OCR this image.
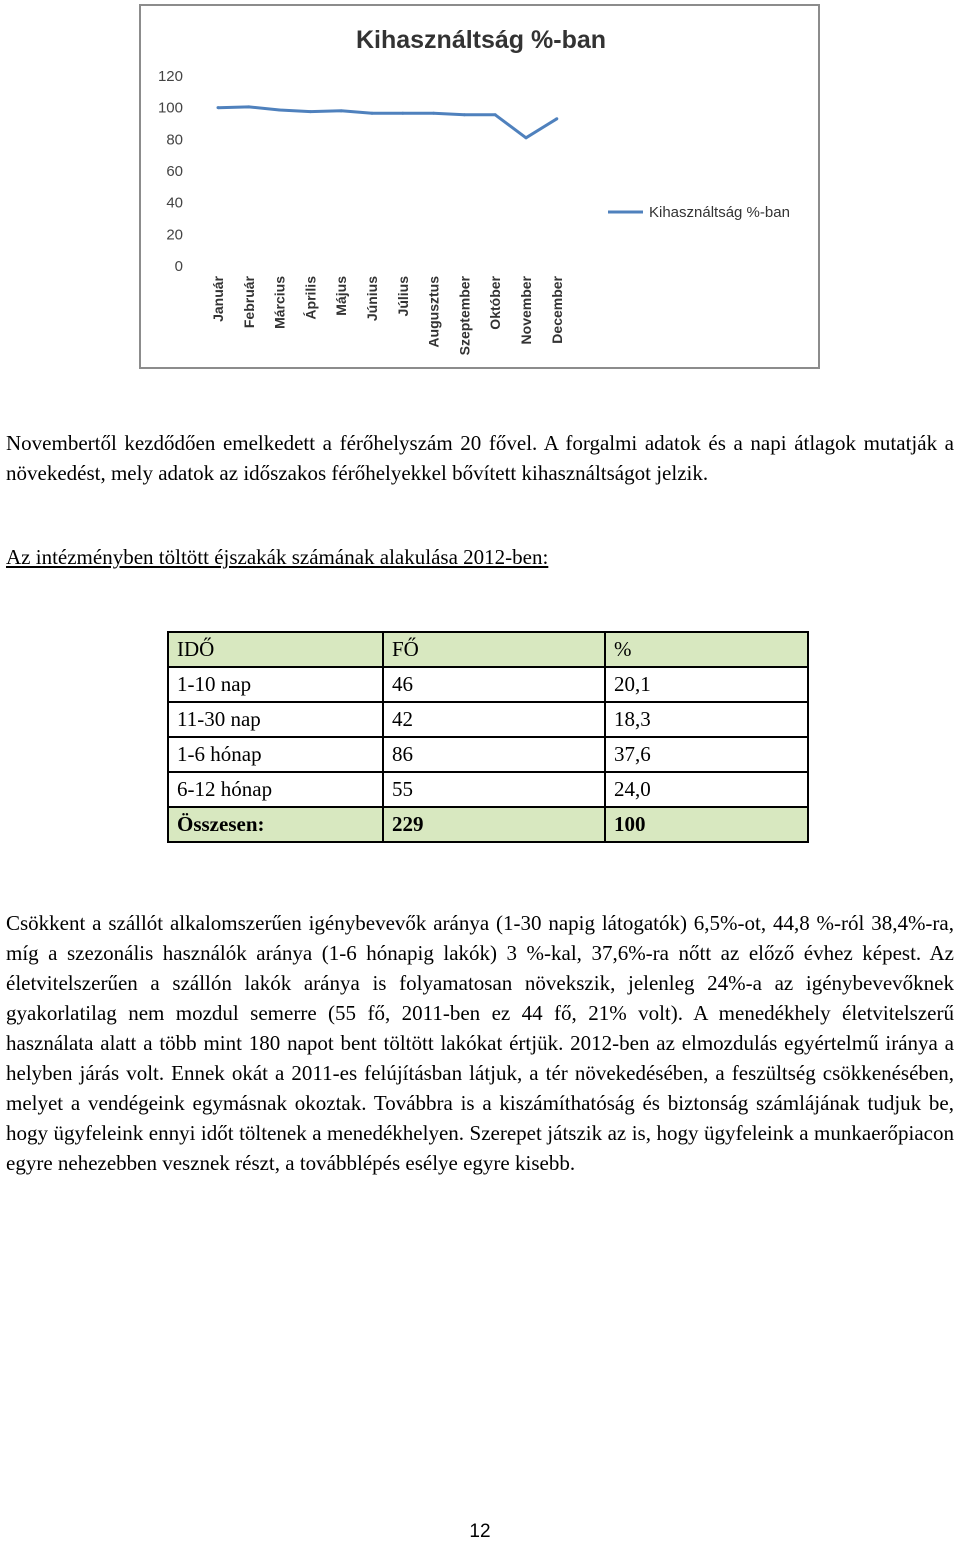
Kihasználtság %-ban
0
20
40
60
80
100
120
Január Február Március Április Május Június Július Augusztus Szeptember Október November December
Kihasználtság %-ban
Novembertől kezdődően emelkedett a férőhelyszám 20 fővel. A forgalmi adatok és a napi átlagok mutatják a növekedést, mely adatok az időszakos férőhelyekkel bővített kihasználtságot jelzik.
Az intézményben töltött éjszakák számának alakulása 2012-ben:
IDŐ	FŐ	%
1-10 nap	46	20,1
11-30 nap	42	18,3
1-6 hónap	86	37,6
6-12 hónap	55	24,0
Összesen:	229	100
Csökkent a szállót alkalomszerűen igénybevevők aránya (1-30 napig látogatók) 6,5%-ot, 44,8 %-ról 38,4%-ra, míg a szezonális használók aránya (1-6 hónapig lakók) 3 %-kal, 37,6%-ra nőtt az előző évhez képest. Az életvitelszerűen a szállón lakók aránya is folyamatosan növekszik, jelenleg 24%-a az igénybevevőknek gyakorlatilag nem mozdul semerre (55 fő, 2011-ben ez 44 fő, 21% volt). A menedékhely életvitelszerű használata alatt a több mint 180 napot bent töltött lakókat értjük. 2012-ben az elmozdulás egyértelmű iránya a helyben járás volt. Ennek okát a 2011-es felújításban látjuk, a tér növekedésében, a feszültség csökkenésében, melyet a vendégeink egymásnak okoztak. Továbbra is a kiszámíthatóság és biztonság számlájának tudjuk be, hogy ügyfeleink ennyi időt töltenek a menedékhelyen. Szerepet játszik az is, hogy ügyfeleink a munkaerőpiacon egyre nehezebben vesznek részt, a továbblépés esélye egyre kisebb.
12
